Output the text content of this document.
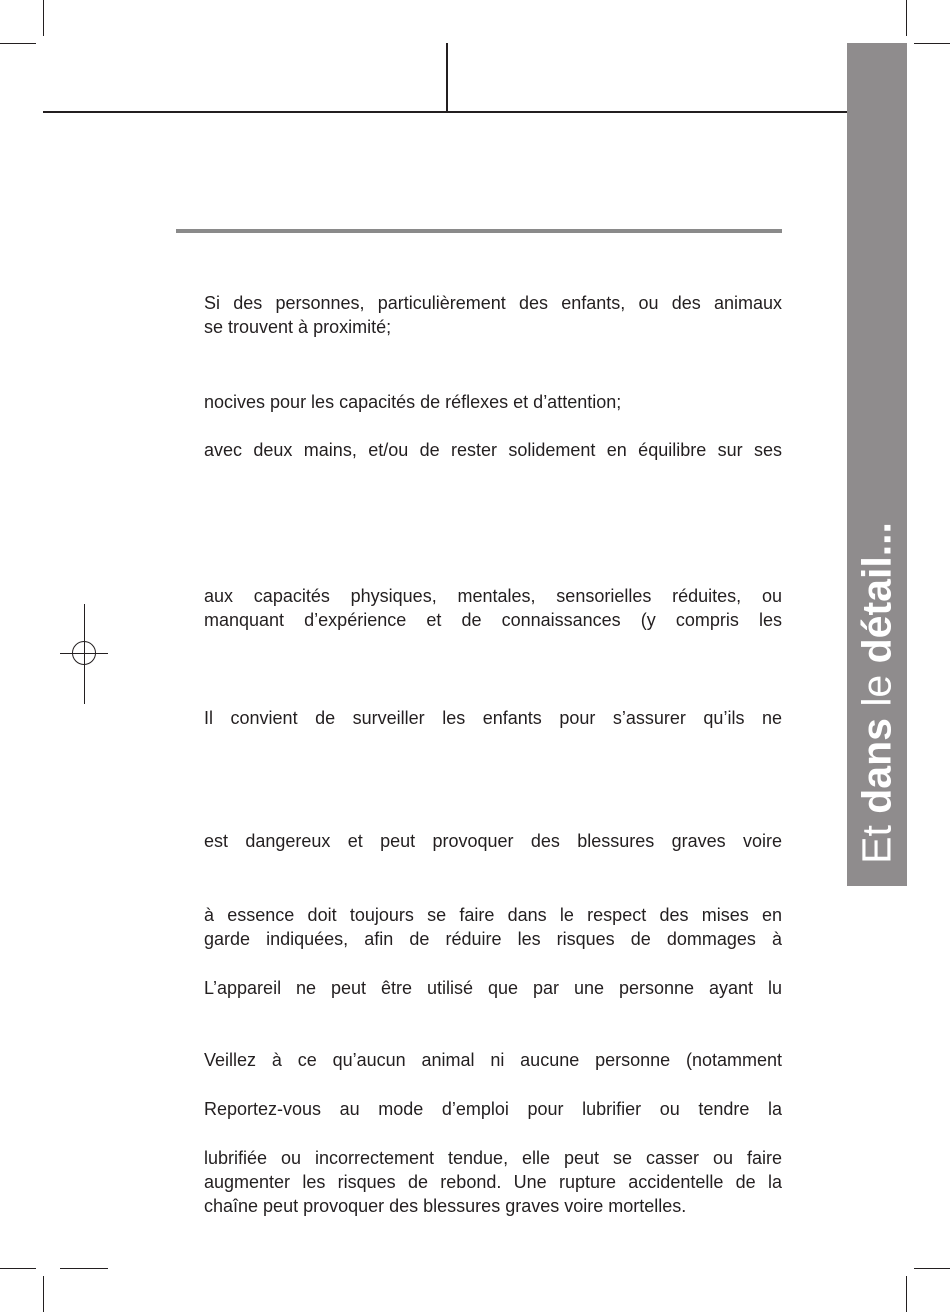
Et dans le détail...
Si des personnes, particulièrement des enfants, ou des animaux
se trouvent à proximité;
nocives pour les capacités de réflexes et d’attention;
avec deux mains, et/ou de rester solidement en équilibre sur ses
aux capacités physiques, mentales, sensorielles réduites, ou
manquant d’expérience et de connaissances (y compris les
Il convient de surveiller les enfants pour s’assurer qu’ils ne
est dangereux et peut provoquer des blessures graves voire
à essence doit toujours se faire dans le respect des mises en
garde indiquées, afin de réduire les risques de dommages à
L’appareil ne peut être utilisé que par une personne ayant lu
Veillez à ce qu’aucun animal ni aucune personne (notamment
Reportez-vous au mode d’emploi pour lubrifier ou tendre la
lubrifiée ou incorrectement tendue, elle peut se casser ou faire
augmenter les risques de rebond. Une rupture accidentelle de la
chaîne peut provoquer des blessures graves voire mortelles.
